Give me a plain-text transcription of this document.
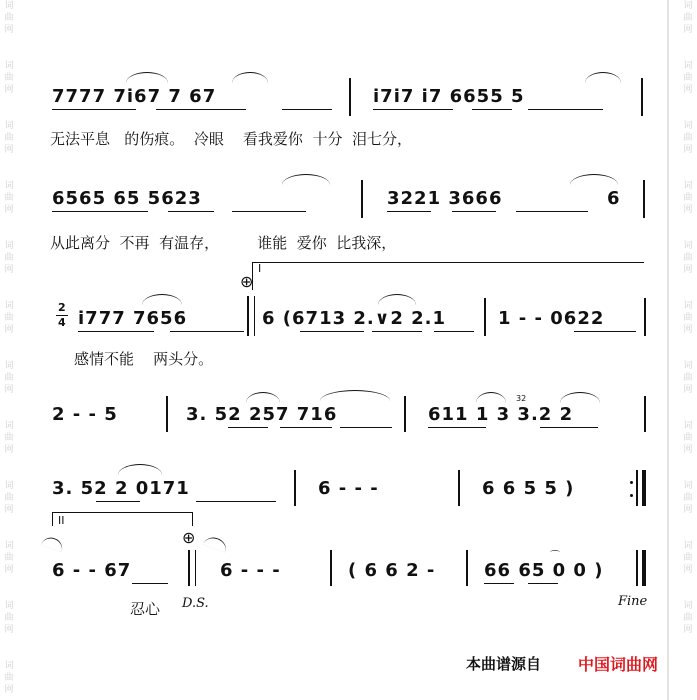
词
曲
网
词
曲
网
词
曲
网
词
曲
网
词
曲
网
词
曲
网
词
曲
网
词
曲
网
词
曲
网
词
曲
网
词
曲
网
词
曲
网
词
曲
网
词
曲
网
词
曲
网
词
曲
网
词
曲
网
词
曲
网
词
曲
网
词
曲
网
词
曲
网
词
曲
网
词
曲
网
7777 7i67 7 67	i7i7 i7 6655 5
无法平息   的伤痕。  冷眼    看我爱你  十分  泪七分，
6565 65 5623	3221 3666	6
从此离分  不再  有温存，        谁能  爱你  比我深，
I
⊕
2
4 i777 7656	6 (6713 2.∨2 2.1	1 - - 0622
感情不能    两头分。
2 - - 5	3. 52 257 716	611 1 3 3.2 2
32
3. 52 2 0171	6 - - -	6 6 5 5 )
II
⊕
6 - - 67	6 - - -	( 6 6 2 -	66 65 0 0 )
⌒
忍心 D.S.	Fine
本曲谱源自 中国词曲网
